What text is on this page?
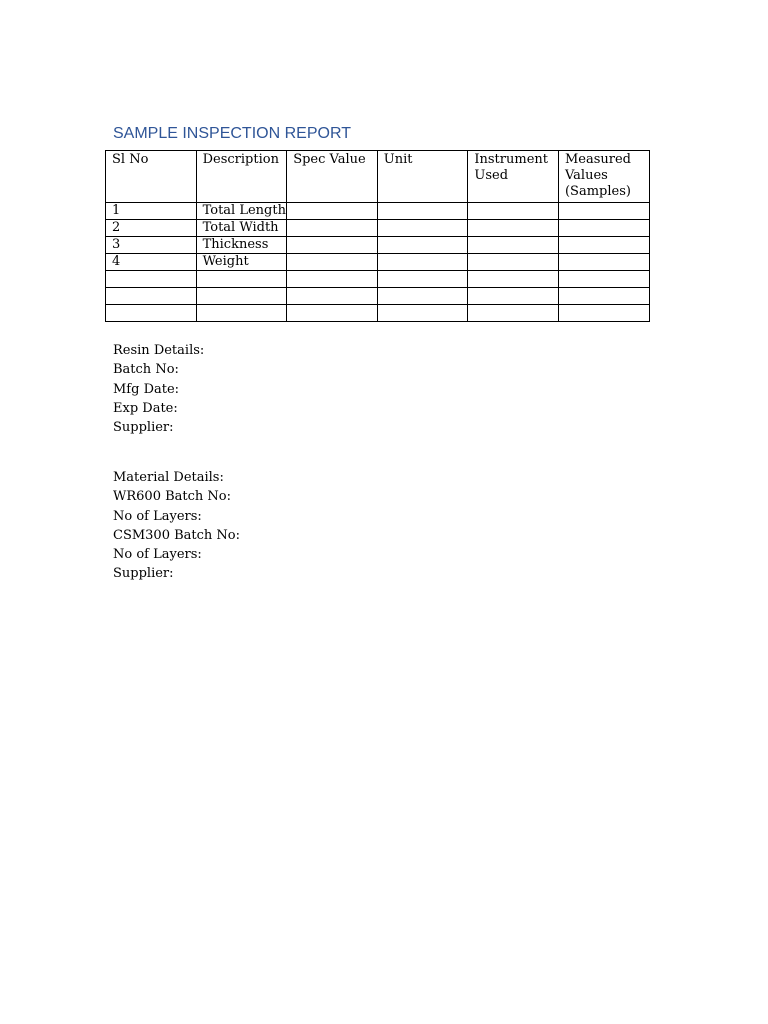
SAMPLE INSPECTION REPORT
Sl No	Description	Spec Value	Unit	Instrument Used	Measured Values (Samples)
1	Total Length				
2	Total Width				
3	Thickness				
4	Weight				

Resin Details:
Batch No:
Mfg Date:
Exp Date:
Supplier:
Material Details:
WR600 Batch No:
No of Layers:
CSM300 Batch No:
No of Layers:
Supplier:
